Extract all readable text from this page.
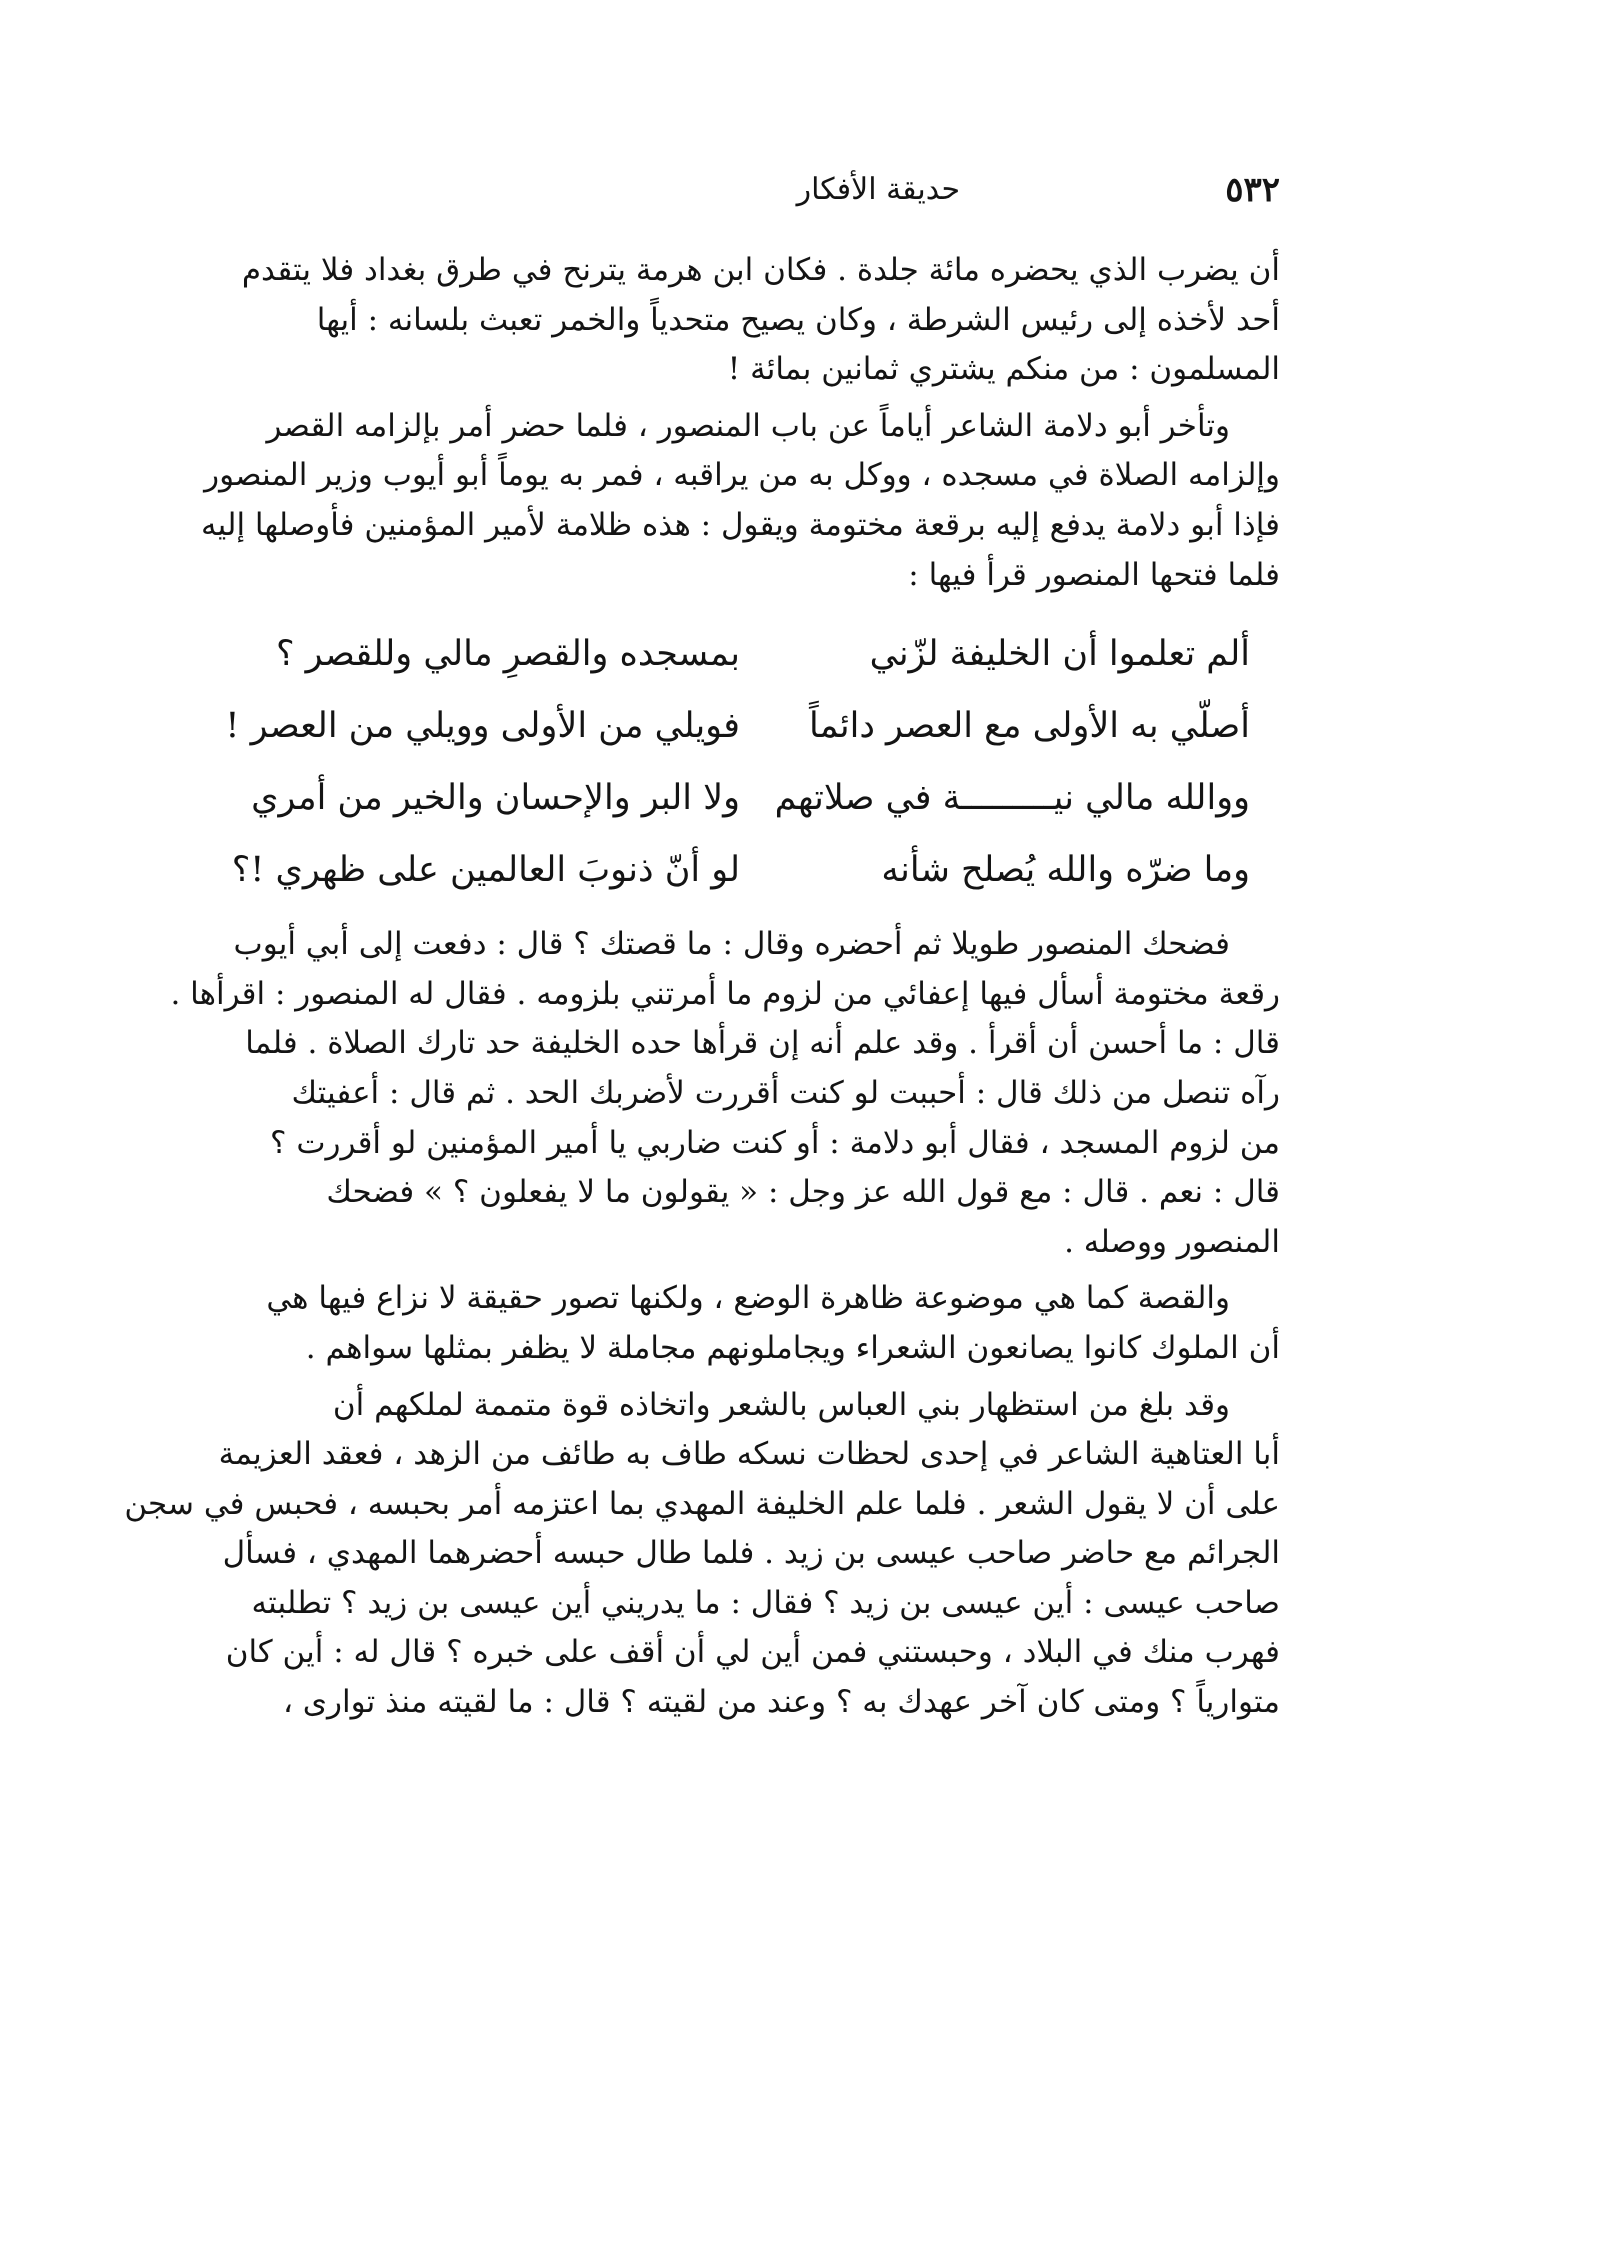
٥٣٢
حديقة الأفكار
أن يضرب الذي يحضره مائة جلدة . فكان ابن هرمة يترنح في طرق بغداد فلا يتقدم
أحد لأخذه إلى رئيس الشرطة ، وكان يصيح متحدياً والخمر تعبث بلسانه : أيها
المسلمون : من منكم يشتري ثمانين بمائة !
وتأخر أبو دلامة الشاعر أياماً عن باب المنصور ، فلما حضر أمر بإلزامه القصر
وإلزامه الصلاة في مسجده ، ووكل به من يراقبه ، فمر به يوماً أبو أيوب وزير المنصور
فإذا أبو دلامة يدفع إليه برقعة مختومة ويقول : هذه ظلامة لأمير المؤمنين فأوصلها إليه
فلما فتحها المنصور قرأ فيها :
ألم تعلموا أن الخليفة لزّني
بمسجده والقصرِ مالي وللقصر ؟
أصلّي به الأولى مع العصر دائماً
فويلي من الأولى وويلي من العصر !
ووالله مالي نيـــــــــة في صلاتهم
ولا البر والإحسان والخير من أمري
وما ضرّه والله يُصلح شأنه
لو أنّ ذنوبَ العالمين على ظهري !؟
فضحك المنصور طويلا ثم أحضره وقال : ما قصتك ؟ قال : دفعت إلى أبي أيوب
رقعة مختومة أسأل فيها إعفائي من لزوم ما أمرتني بلزومه . فقال له المنصور : اقرأها .
قال : ما أحسن أن أقرأ . وقد علم أنه إن قرأها حده الخليفة حد تارك الصلاة . فلما
رآه تنصل من ذلك قال : أحببت لو كنت أقررت لأضربك الحد . ثم قال : أعفيتك
من لزوم المسجد ، فقال أبو دلامة : أو كنت ضاربي يا أمير المؤمنين لو أقررت ؟
قال : نعم . قال : مع قول الله عز وجل : « يقولون ما لا يفعلون ؟ » فضحك
المنصور ووصله .
والقصة كما هي موضوعة ظاهرة الوضع ، ولكنها تصور حقيقة لا نزاع فيها هي
أن الملوك كانوا يصانعون الشعراء ويجاملونهم مجاملة لا يظفر بمثلها سواهم .
وقد بلغ من استظهار بني العباس بالشعر واتخاذه قوة متممة لملكهم أن
أبا العتاهية الشاعر في إحدى لحظات نسكه طاف به طائف من الزهد ، فعقد العزيمة
على أن لا يقول الشعر . فلما علم الخليفة المهدي بما اعتزمه أمر بحبسه ، فحبس في سجن
الجرائم مع حاضر صاحب عيسى بن زيد . فلما طال حبسه أحضرهما المهدي ، فسأل
صاحب عيسى : أين عيسى بن زيد ؟ فقال : ما يدريني أين عيسى بن زيد ؟ تطلبته
فهرب منك في البلاد ، وحبستني فمن أين لي أن أقف على خبره ؟ قال له : أين كان
متوارياً ؟ ومتى كان آخر عهدك به ؟ وعند من لقيته ؟ قال : ما لقيته منذ توارى ،
